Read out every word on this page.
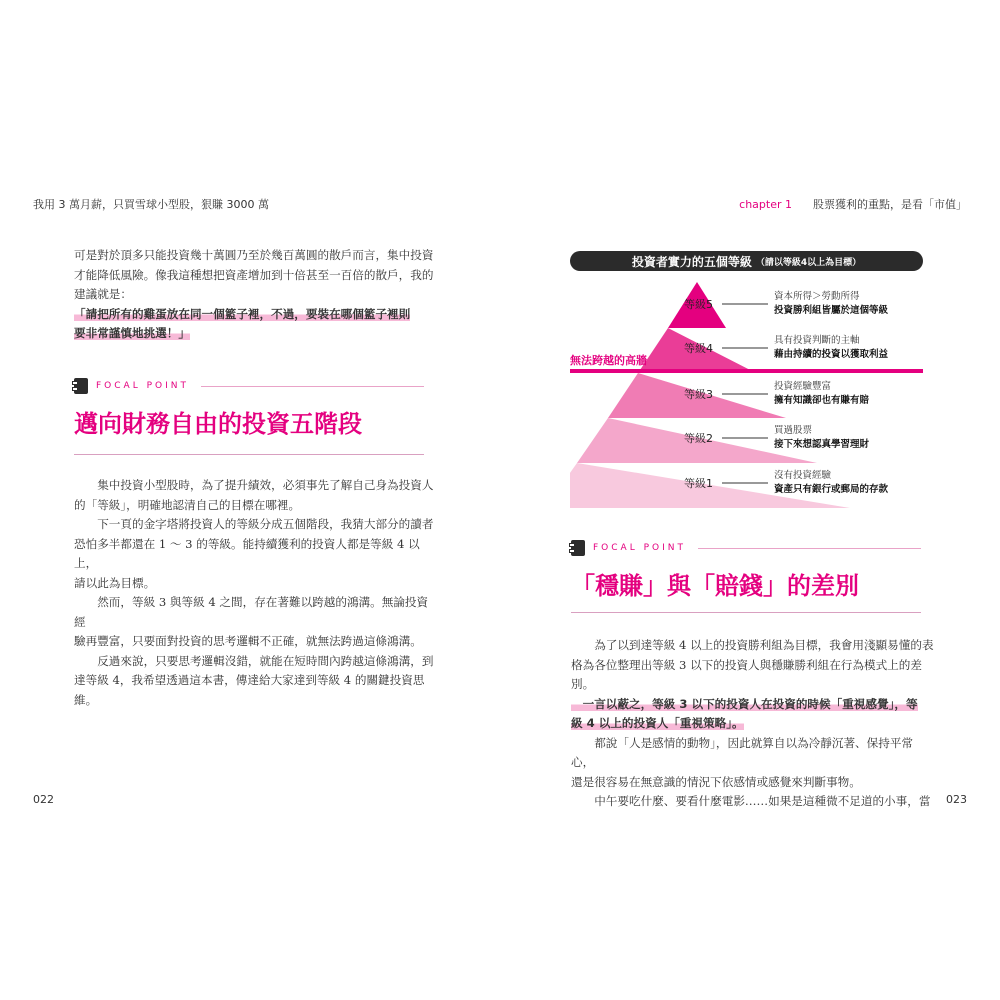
我用 3 萬月薪，只買雪球小型股，狠賺 3000 萬	chapter 1 股票獲利的重點，是看「市值」

可是對於頂多只能投資幾十萬圓乃至於幾百萬圓的散戶而言，集中投資

才能降低風險。像我這種想把資產增加到十倍甚至一百倍的散戶，我的

建議就是：

「請把所有的雞蛋放在同一個籃子裡，不過，要裝在哪個籃子裡則

要非常謹慎地挑選！」

FOCAL POINT
邁向財務自由的投資五階段

　　集中投資小型股時，為了提升績效，必須事先了解自己身為投資人

的「等級」，明確地認清自己的目標在哪裡。

　　下一頁的金字塔將投資人的等級分成五個階段，我猜大部分的讀者

恐怕多半都還在 1 ～ 3 的等級。能持續獲利的投資人都是等級 4 以上，

請以此為目標。

　　然而，等級 3 與等級 4 之間，存在著難以跨越的鴻溝。無論投資經

驗再豐富，只要面對投資的思考邏輯不正確，就無法跨過這條鴻溝。

　　反過來說，只要思考邏輯沒錯，就能在短時間內跨越這條鴻溝，到

達等級 4，我希望透過這本書，傳達給大家達到等級 4 的關鍵投資思維。

022
投資者實力的五個等級 （請以等級4以上為目標）
無法跨越的高牆
等級5
等級4
等級3
等級2
等級1
資本所得＞勞動所得
投資勝利組皆屬於這個等級
具有投資判斷的主軸
藉由持續的投資以獲取利益
投資經驗豐富
擁有知識卻也有賺有賠
買過股票
接下來想認真學習理財
沒有投資經驗
資產只有銀行或郵局的存款
FOCAL POINT
「穩賺」與「賠錢」的差別

　　為了以到達等級 4 以上的投資勝利組為目標，我會用淺顯易懂的表

格為各位整理出等級 3 以下的投資人與穩賺勝利組在行為模式上的差別。

　一言以蔽之，等級 3 以下的投資人在投資的時候「重視感覺」，等

級 4 以上的投資人「重視策略」。

　　都說「人是感情的動物」，因此就算自以為冷靜沉著、保持平常心，

還是很容易在無意識的情況下依感情或感覺來判斷事物。

　　中午要吃什麼、要看什麼電影……如果是這種微不足道的小事，當	023
